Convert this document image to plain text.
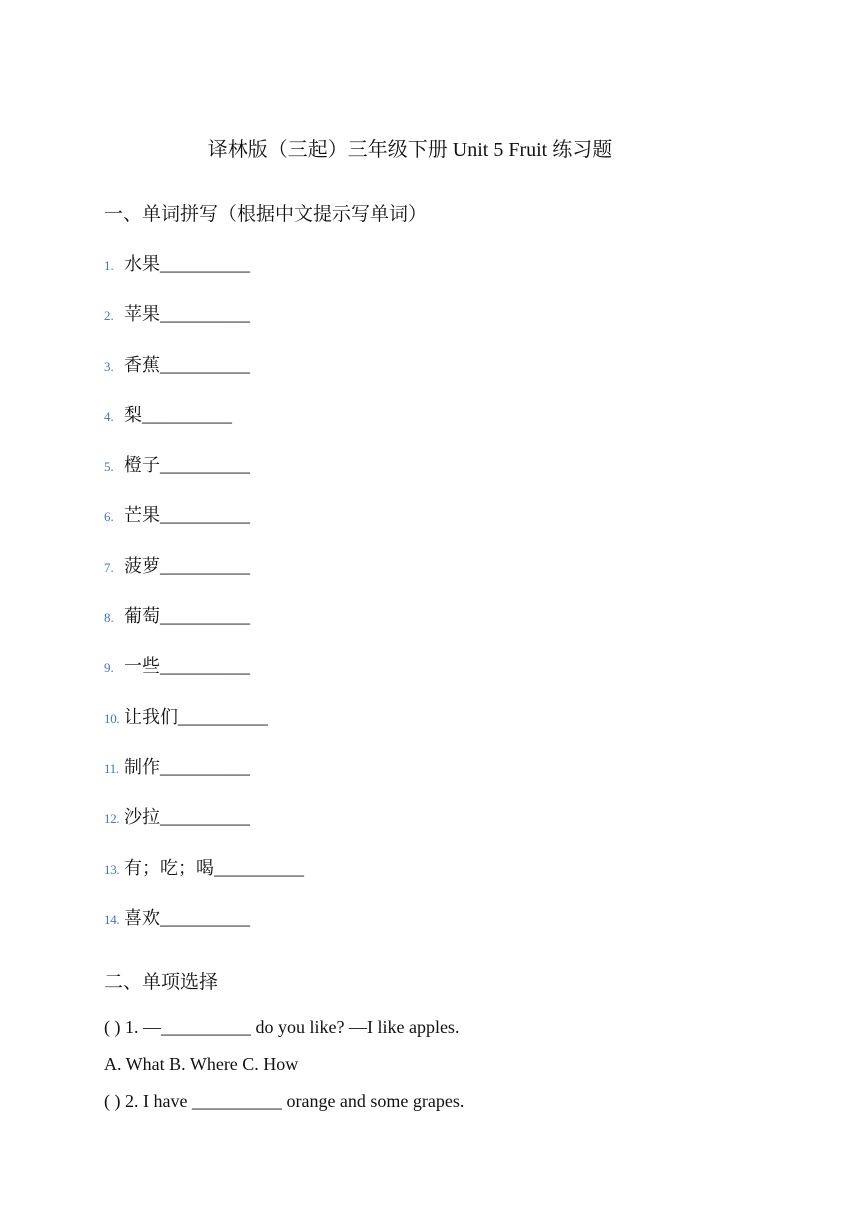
译林版（三起）三年级下册 Unit 5 Fruit 练习题
一、单词拼写（根据中文提示写单词）
1. 水果 __________
2. 苹果 __________
3. 香蕉 __________
4. 梨 __________
5. 橙子 __________
6. 芒果 __________
7. 菠萝 __________
8. 葡萄 __________
9. 一些 __________
10. 让我们 __________
11. 制作 __________
12. 沙拉 __________
13. 有；吃；喝 __________
14. 喜欢 __________
二、单项选择
( ) 1. —__________ do you like? —I like apples.
A. What B. Where C. How
( ) 2. I have __________ orange and some grapes.
